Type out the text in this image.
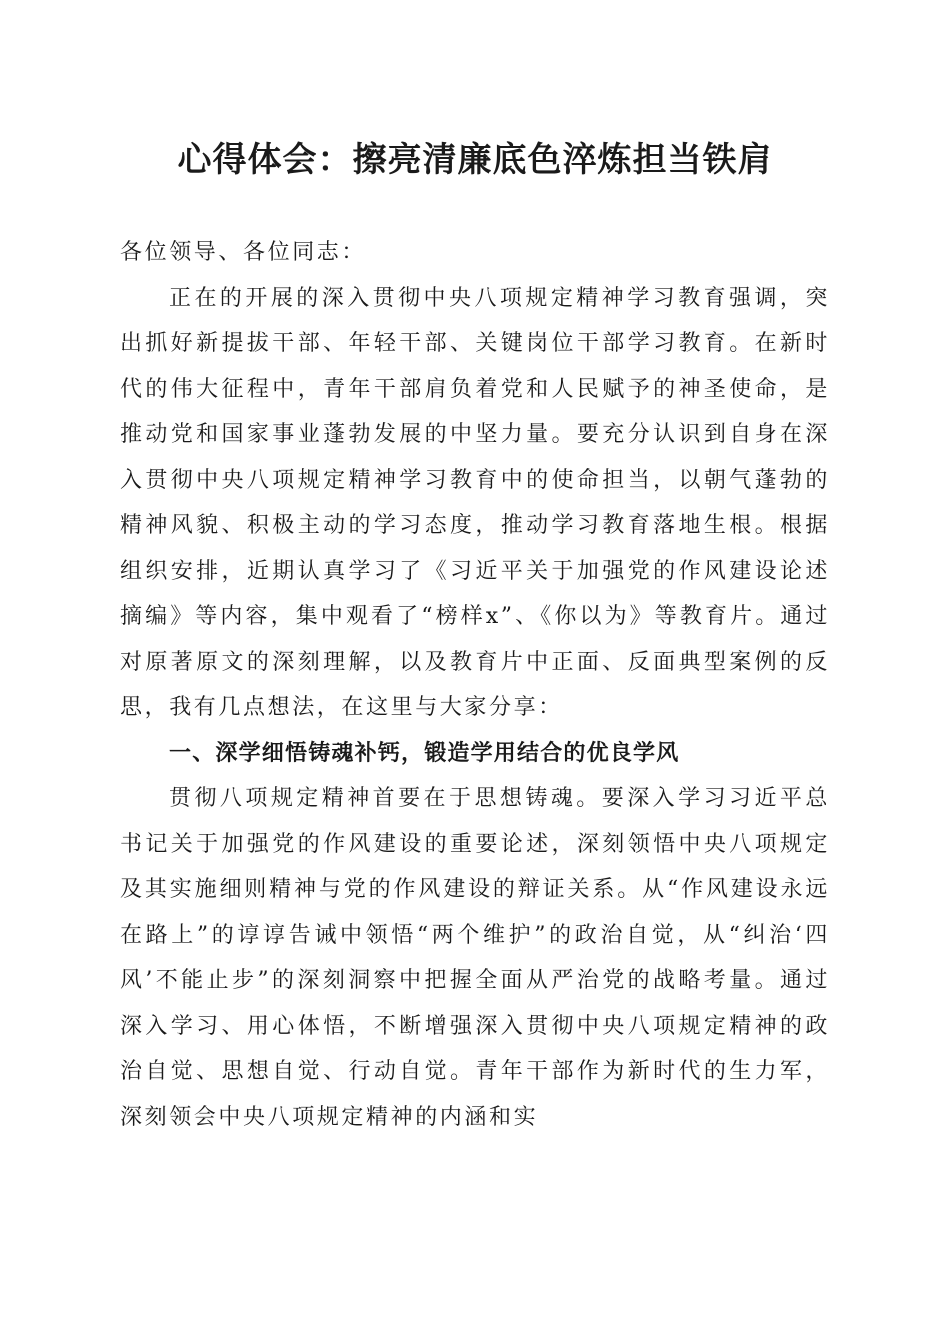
心得体会：擦亮清廉底色淬炼担当铁肩

各位领导、各位同志：

正在的开展的深入贯彻中央八项规定精神学习教育强调，突出抓好新提拔干部、年轻干部、关键岗位干部学习教育。在新时代的伟大征程中，青年干部肩负着党和人民赋予的神圣使命，是推动党和国家事业蓬勃发展的中坚力量。要充分认识到自身在深入贯彻中央八项规定精神学习教育中的使命担当，以朝气蓬勃的精神风貌、积极主动的学习态度，推动学习教育落地生根。根据组织安排，近期认真学习了《习近平关于加强党的作风建设论述摘编》等内容，集中观看了“榜样x”、《你以为》等教育片。通过对原著原文的深刻理解，以及教育片中正面、反面典型案例的反思，我有几点想法，在这里与大家分享：

一、深学细悟铸魂补钙，锻造学用结合的优良学风

贯彻八项规定精神首要在于思想铸魂。要深入学习习近平总书记关于加强党的作风建设的重要论述，深刻领悟中央八项规定及其实施细则精神与党的作风建设的辩证关系。从“作风建设永远在路上”的谆谆告诫中领悟“两个维护”的政治自觉，从“纠治‘四风’不能止步”的深刻洞察中把握全面从严治党的战略考量。通过深入学习、用心体悟，不断增强深入贯彻中央八项规定精神的政治自觉、思想自觉、行动自觉。青年干部作为新时代的生力军，深刻领会中央八项规定精神的内涵和实
